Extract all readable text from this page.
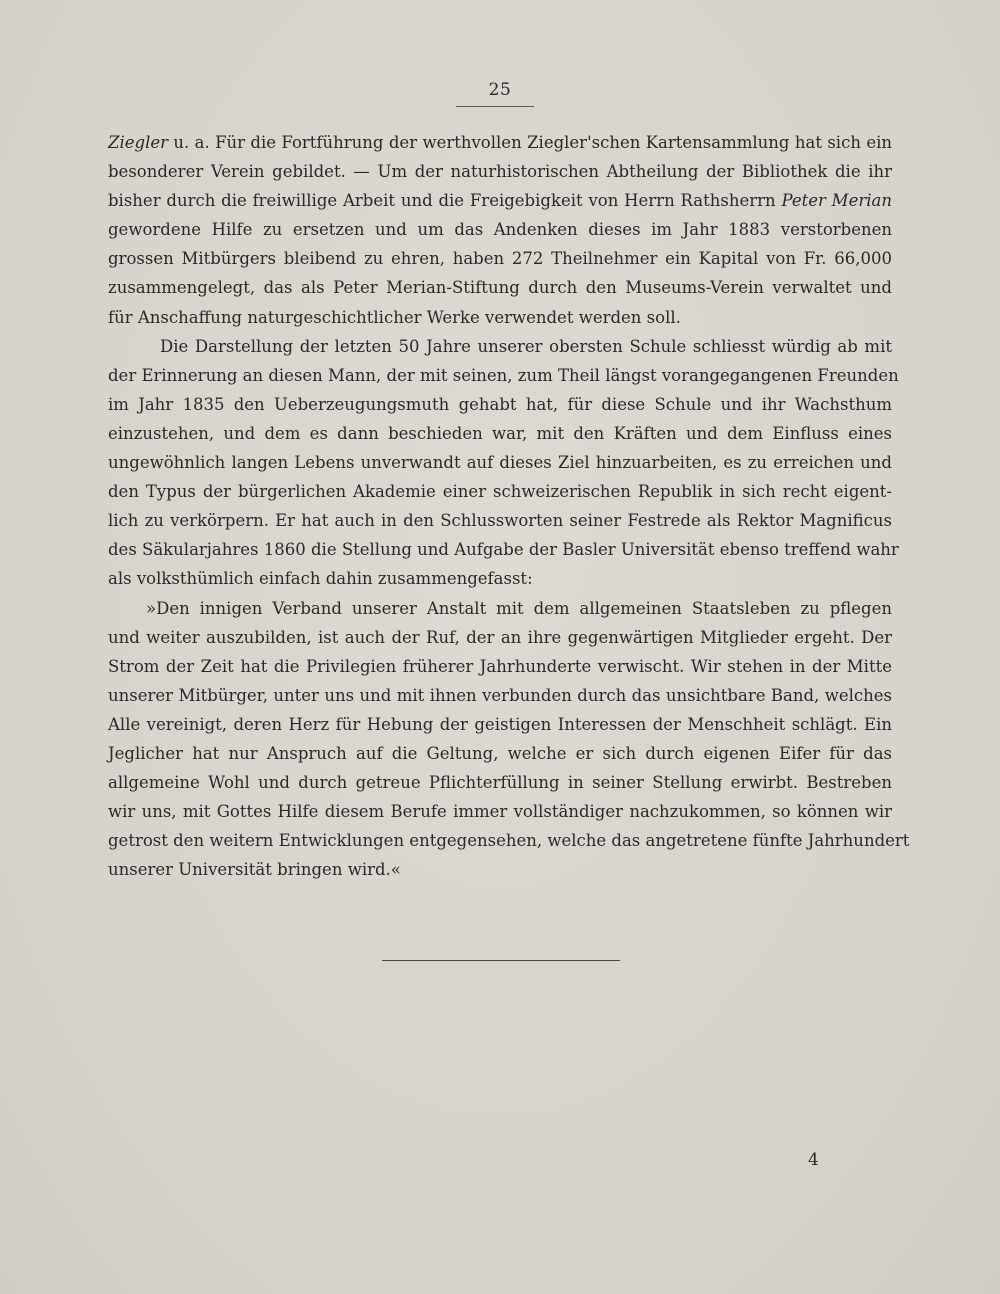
25

Ziegler u. a. Für die Fortführung der werthvollen Ziegler'schen Kartensammlung hat sich ein
besonderer Verein gebildet. — Um der naturhistorischen Abtheilung der Bibliothek die ihr
bisher durch die freiwillige Arbeit und die Freigebigkeit von Herrn Rathsherrn Peter Merian
gewordene Hilfe zu ersetzen und um das Andenken dieses im Jahr 1883 verstorbenen
grossen Mitbürgers bleibend zu ehren, haben 272 Theilnehmer ein Kapital von Fr. 66,000
zusammengelegt, das als Peter Merian-Stiftung durch den Museums-Verein verwaltet und
für Anschaffung naturgeschichtlicher Werke verwendet werden soll.

Die Darstellung der letzten 50 Jahre unserer obersten Schule schliesst würdig ab mit
der Erinnerung an diesen Mann, der mit seinen, zum Theil längst vorangegangenen Freunden
im Jahr 1835 den Ueberzeugungsmuth gehabt hat, für diese Schule und ihr Wachsthum
einzustehen, und dem es dann beschieden war, mit den Kräften und dem Einfluss eines
ungewöhnlich langen Lebens unverwandt auf dieses Ziel hinzuarbeiten, es zu erreichen und
den Typus der bürgerlichen Akademie einer schweizerischen Republik in sich recht eigent-
lich zu verkörpern. Er hat auch in den Schlussworten seiner Festrede als Rektor Magnificus
des Säkularjahres 1860 die Stellung und Aufgabe der Basler Universität ebenso treffend wahr
als volksthümlich einfach dahin zusammengefasst:

»Den innigen Verband unserer Anstalt mit dem allgemeinen Staatsleben zu pflegen
und weiter auszubilden, ist auch der Ruf, der an ihre gegenwärtigen Mitglieder ergeht. Der
Strom der Zeit hat die Privilegien früherer Jahrhunderte verwischt. Wir stehen in der Mitte
unserer Mitbürger, unter uns und mit ihnen verbunden durch das unsichtbare Band, welches
Alle vereinigt, deren Herz für Hebung der geistigen Interessen der Menschheit schlägt. Ein
Jeglicher hat nur Anspruch auf die Geltung, welche er sich durch eigenen Eifer für das
allgemeine Wohl und durch getreue Pflichterfüllung in seiner Stellung erwirbt. Bestreben
wir uns, mit Gottes Hilfe diesem Berufe immer vollständiger nachzukommen, so können wir
getrost den weitern Entwicklungen entgegensehen, welche das angetretene fünfte Jahrhundert
unserer Universität bringen wird.«

4
